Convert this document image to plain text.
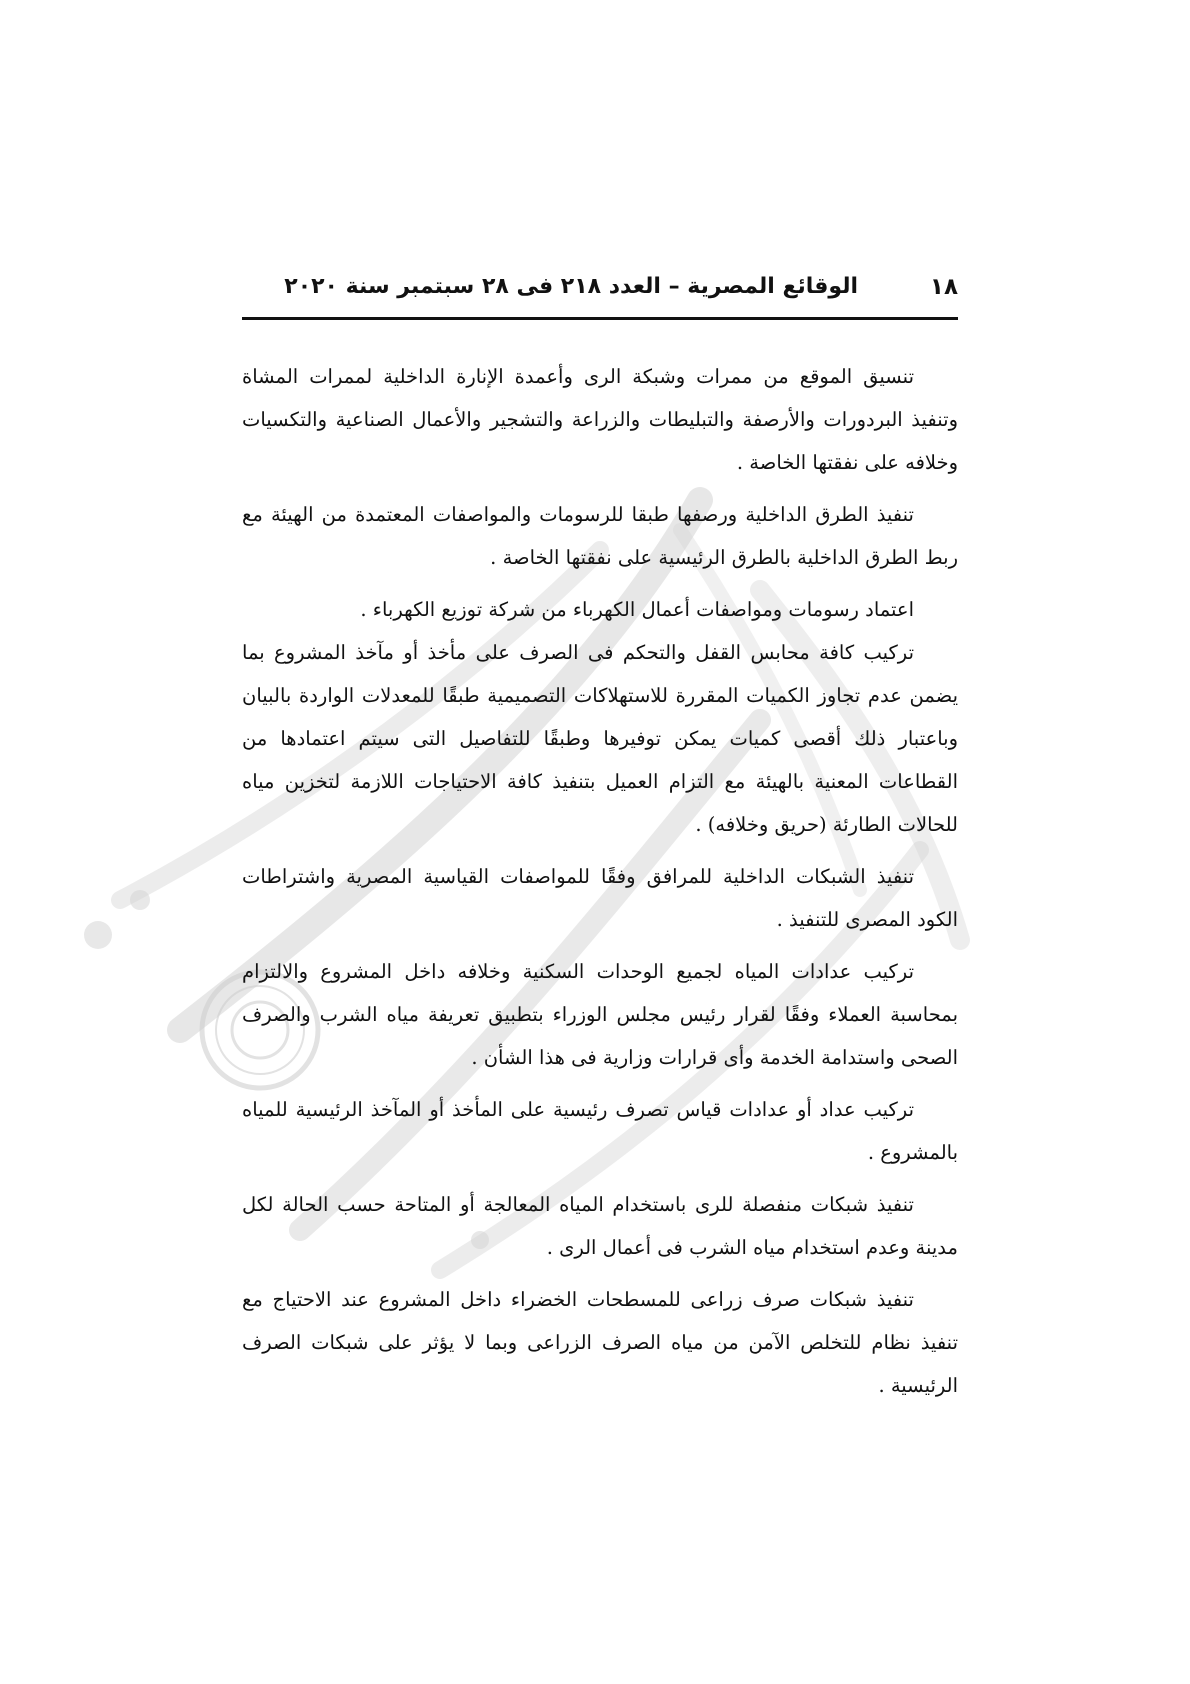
١٨
الوقائع المصرية – العدد ٢١٨ فى ٢٨ سبتمبر سنة ٢٠٢٠

تنسيق الموقع من ممرات وشبكة الرى وأعمدة الإنارة الداخلية لممرات المشاة وتنفيذ البردورات والأرصفة والتبليطات والزراعة والتشجير والأعمال الصناعية والتكسيات وخلافه على نفقتها الخاصة .

تنفيذ الطرق الداخلية ورصفها طبقا للرسومات والمواصفات المعتمدة من الهيئة مع ربط الطرق الداخلية بالطرق الرئيسية على نفقتها الخاصة .

اعتماد رسومات ومواصفات أعمال الكهرباء من شركة توزيع الكهرباء .

تركيب كافة محابس القفل والتحكم فى الصرف على مأخذ أو مآخذ المشروع بما يضمن عدم تجاوز الكميات المقررة للاستهلاكات التصميمية طبقًا للمعدلات الواردة بالبيان وباعتبار ذلك أقصى كميات يمكن توفيرها وطبقًا للتفاصيل التى سيتم اعتمادها من القطاعات المعنية بالهيئة مع التزام العميل بتنفيذ كافة الاحتياجات اللازمة لتخزين مياه للحالات الطارئة (حريق وخلافه) .

تنفيذ الشبكات الداخلية للمرافق وفقًا للمواصفات القياسية المصرية واشتراطات الكود المصرى للتنفيذ .

تركيب عدادات المياه لجميع الوحدات السكنية وخلافه داخل المشروع والالتزام بمحاسبة العملاء وفقًا لقرار رئيس مجلس الوزراء بتطبيق تعريفة مياه الشرب والصرف الصحى واستدامة الخدمة وأى قرارات وزارية فى هذا الشأن .

تركيب عداد أو عدادات قياس تصرف رئيسية على المأخذ أو المآخذ الرئيسية للمياه بالمشروع .

تنفيذ شبكات منفصلة للرى باستخدام المياه المعالجة أو المتاحة حسب الحالة لكل مدينة وعدم استخدام مياه الشرب فى أعمال الرى .

تنفيذ شبكات صرف زراعى للمسطحات الخضراء داخل المشروع عند الاحتياج مع تنفيذ نظام للتخلص الآمن من مياه الصرف الزراعى وبما لا يؤثر على شبكات الصرف الرئيسية .
